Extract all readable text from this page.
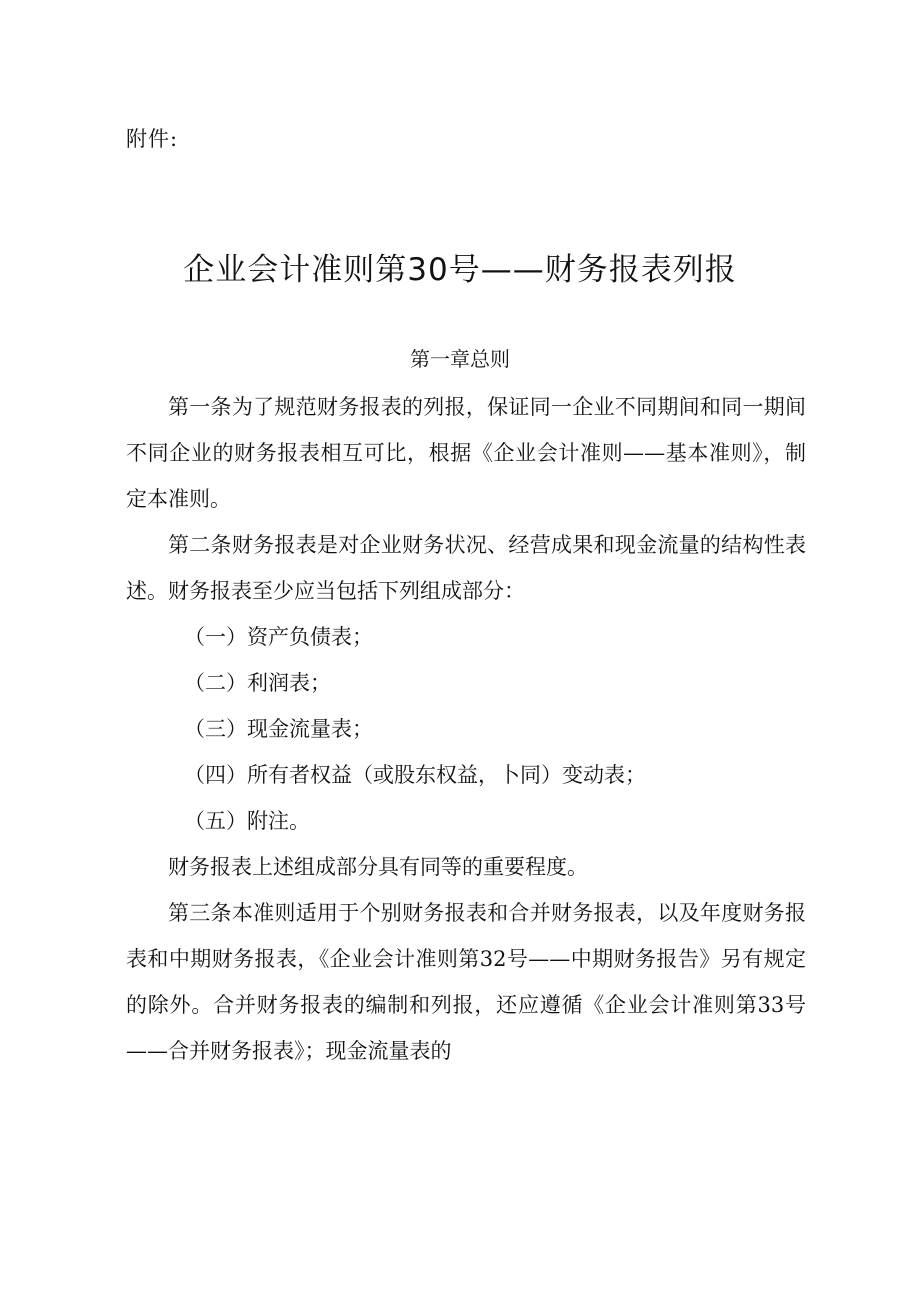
附件:
企业会计准则第30号——财务报表列报
第一章总则

第一条为了规范财务报表的列报，保证同一企业不同期间和同一期间不同企业的财务报表相互可比，根据《企业会计准则——基本准则》，制定本准则。

第二条财务报表是对企业财务状况、经营成果和现金流量的结构性表述。财务报表至少应当包括下列组成部分：

（一）资产负债表；

（二）利润表；

（三）现金流量表；

（四）所有者权益（或股东权益，卜同）变动表；

（五）附注。

财务报表上述组成部分具有同等的重要程度。

第三条本准则适用于个别财务报表和合并财务报表，以及年度财务报表和中期财务报表，《企业会计准则第32号——中期财务报告》另有规定的除外。合并财务报表的编制和列报，还应遵循《企业会计准则第33号——合并财务报表》；现金流量表的
